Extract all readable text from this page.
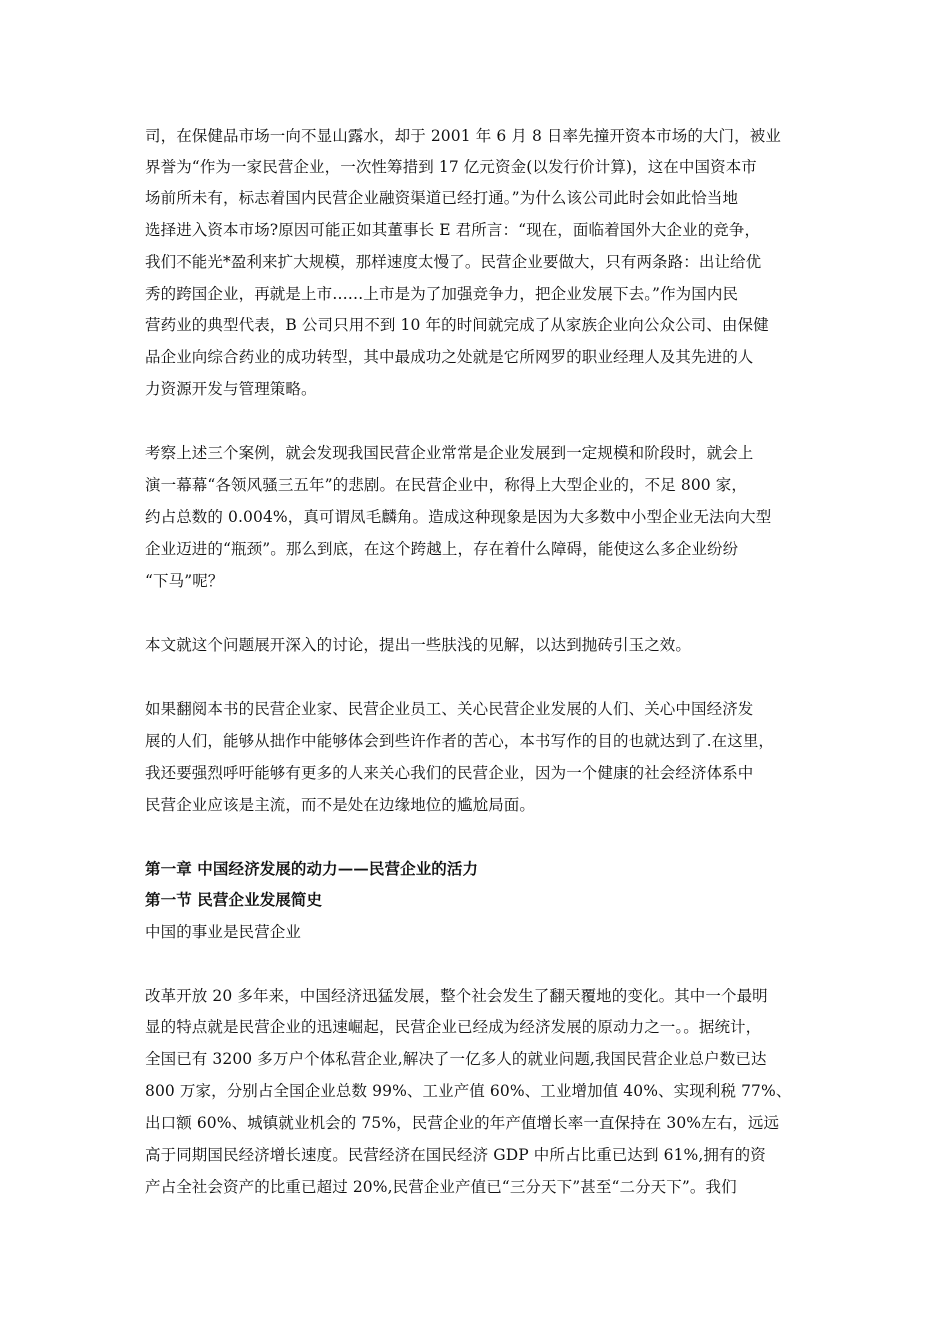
司，在保健品市场一向不显山露水，却于 2001 年 6 月 8 日率先撞开资本市场的大门，被业
界誉为“作为一家民营企业，一次性筹措到 17 亿元资金(以发行价计算)，这在中国资本市
场前所未有，标志着国内民营企业融资渠道已经打通。”为什么该公司此时会如此恰当地
选择进入资本市场?原因可能正如其董事长 E 君所言：“现在，面临着国外大企业的竞争，
我们不能光*盈利来扩大规模，那样速度太慢了。民营企业要做大，只有两条路：出让给优
秀的跨国企业，再就是上市……上市是为了加强竞争力，把企业发展下去。”作为国内民
营药业的典型代表，B 公司只用不到 10 年的时间就完成了从家族企业向公众公司、由保健
品企业向综合药业的成功转型，其中最成功之处就是它所网罗的职业经理人及其先进的人
力资源开发与管理策略。
考察上述三个案例，就会发现我国民营企业常常是企业发展到一定规模和阶段时，就会上
演一幕幕“各领风骚三五年”的悲剧。在民营企业中，称得上大型企业的，不足 800 家，
约占总数的 0.004%，真可谓凤毛麟角。造成这种现象是因为大多数中小型企业无法向大型
企业迈进的“瓶颈”。那么到底，在这个跨越上，存在着什么障碍，能使这么多企业纷纷
“下马”呢？
本文就这个问题展开深入的讨论，提出一些肤浅的见解，以达到抛砖引玉之效。
如果翻阅本书的民营企业家、民营企业员工、关心民营企业发展的人们、关心中国经济发
展的人们，能够从拙作中能够体会到些许作者的苦心，本书写作的目的也就达到了.在这里，
我还要强烈呼吁能够有更多的人来关心我们的民营企业，因为一个健康的社会经济体系中
民营企业应该是主流，而不是处在边缘地位的尴尬局面。
第一章 中国经济发展的动力——民营企业的活力
第一节 民营企业发展简史
中国的事业是民营企业
改革开放 20 多年来，中国经济迅猛发展，整个社会发生了翻天覆地的变化。其中一个最明
显的特点就是民营企业的迅速崛起，民营企业已经成为经济发展的原动力之一。。据统计，
全国已有 3200 多万户个体私营企业,解决了一亿多人的就业问题,我国民营企业总户数已达
800 万家，分别占全国企业总数 99%、工业产值 60%、工业增加值 40%、实现利税 77%、
出口额 60%、城镇就业机会的 75%，民营企业的年产值增长率一直保持在 30%左右，远远
高于同期国民经济增长速度。民营经济在国民经济 GDP 中所占比重已达到 61%,拥有的资
产占全社会资产的比重已超过 20%,民营企业产值已“三分天下”甚至“二分天下”。我们
